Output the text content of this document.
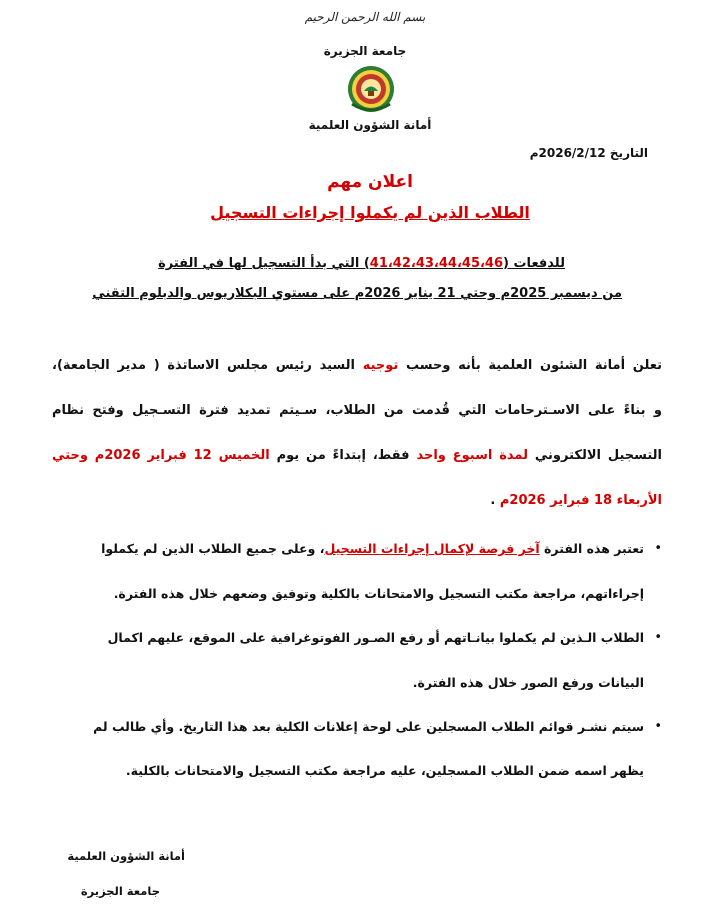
بسم الله الرحمن الرحيم
جامعة الجزيرة
أمانة الشؤون العلمية
التاريخ 2026/2/12م
اعلان مهم
الطلاب الذين لم يكملوا إجراءات التسجيل
للدفعات (41،42،43،44،45،46) التي بدأ التسجيل لها في الفترة
من ديسمبر 2025م وحتي 21 يناير 2026م على مستوي البكلاريوس والدبلوم التقني
تعلن أمانة الشئون العلمية بأنه وحسب توجيه السيد رئيس مجلس الاساتذة ( مدير الجامعة)،
و بناءً على الاسـترحامات التي قُدمت من الطلاب، سـيتم تمديد فترة التسـجيل وفتح نظام
التسجيل الالكتروني لمدة اسبوع واحد فقط، إبتداءً من يوم الخميس 12 فبراير 2026م وحتي
الأربعاء 18 فبراير 2026م .
•
تعتبر هذه الفترة آخر فرصة لإكمال إجراءات التسجيل، وعلى جميع الطلاب الذين لم يكملوا
إجراءاتهم، مراجعة مكتب التسجيل والامتحانات بالكلية وتوفيق وضعهم خلال هذه الفترة.
•
الطلاب الـذين لم يكملوا بيانـاتهم أو رفع الصـور الفوتوغرافية على الموقع، عليهم اكمال
البيانات ورفع الصور خلال هذه الفترة.
•
سيتم نشـر قوائم الطلاب المسجلين على لوحة إعلانات الكلية بعد هذا التاريخ. وأي طالب لم
يظهر اسمه ضمن الطلاب المسجلين، عليه مراجعة مكتب التسجيل والامتحانات بالكلية.
أمانة الشؤون العلمية
جامعة الجزيرة
